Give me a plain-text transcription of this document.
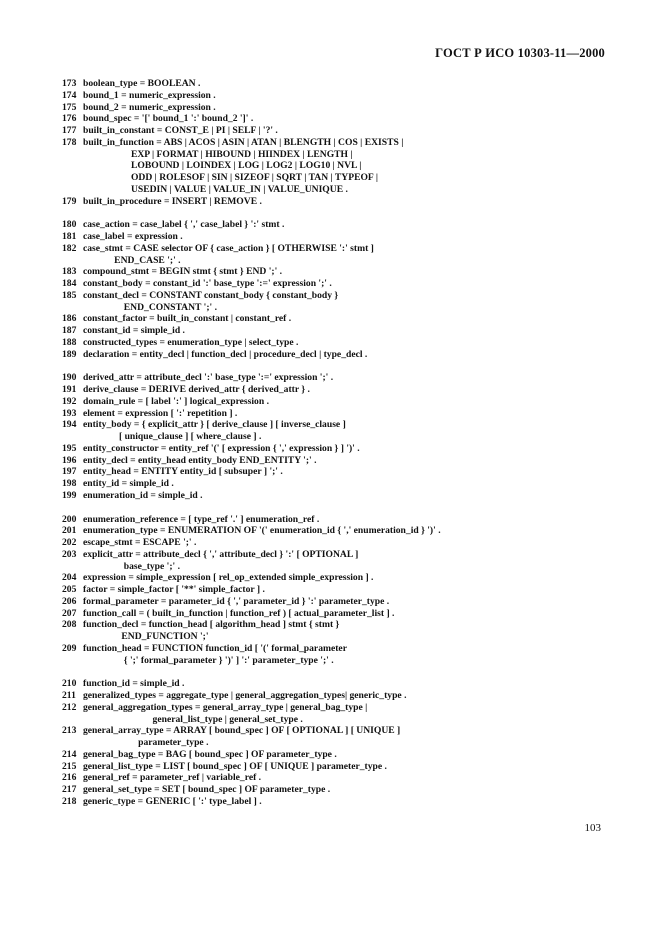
ГОСТ Р ИСО 10303-11—2000
173 boolean_type = BOOLEAN .
174 bound_1 = numeric_expression .
175 bound_2 = numeric_expression .
176 bound_spec = '[' bound_1 ':' bound_2 ']' .
177 built_in_constant = CONST_E | PI | SELF | '?' .
178 built_in_function = ABS | ACOS | ASIN | ATAN | BLENGTH | COS | EXISTS |
EXP | FORMAT | HIBOUND | HIINDEX | LENGTH |
LOBOUND | LOINDEX | LOG | LOG2 | LOG10 | NVL |
ODD | ROLESOF | SIN | SIZEOF | SQRT | TAN | TYPEOF |
USEDIN | VALUE | VALUE_IN | VALUE_UNIQUE .
179 built_in_procedure = INSERT | REMOVE .
180 case_action = case_label { ',' case_label } ':' stmt .
181 case_label = expression .
182 case_stmt = CASE selector OF { case_action } [ OTHERWISE ':' stmt ]
END_CASE ';' .
183 compound_stmt = BEGIN stmt { stmt } END ';' .
184 constant_body = constant_id ':' base_type ':=' expression ';' .
185 constant_decl = CONSTANT constant_body { constant_body }
END_CONSTANT ';' .
186 constant_factor = built_in_constant | constant_ref .
187 constant_id = simple_id .
188 constructed_types = enumeration_type | select_type .
189 declaration = entity_decl | function_decl | procedure_decl | type_decl .
190 derived_attr = attribute_decl ':' base_type ':=' expression ';' .
191 derive_clause = DERIVE derived_attr { derived_attr } .
192 domain_rule = [ label ':' ] logical_expression .
193 element = expression [ ':' repetition ] .
194 entity_body = { explicit_attr } [ derive_clause ] [ inverse_clause ]
[ unique_clause ] [ where_clause ] .
195 entity_constructor = entity_ref '(' [ expression { ',' expression } ] ')' .
196 entity_decl = entity_head entity_body END_ENTITY ';' .
197 entity_head = ENTITY entity_id [ subsuper ] ';' .
198 entity_id = simple_id .
199 enumeration_id = simple_id .
200 enumeration_reference = [ type_ref '.' ] enumeration_ref .
201 enumeration_type = ENUMERATION OF '(' enumeration_id { ',' enumeration_id } ')' .
202 escape_stmt = ESCAPE ';' .
203 explicit_attr = attribute_decl { ',' attribute_decl } ':' [ OPTIONAL ]
base_type ';' .
204 expression = simple_expression [ rel_op_extended simple_expression ] .
205 factor = simple_factor [ '**' simple_factor ] .
206 formal_parameter = parameter_id { ',' parameter_id } ':' parameter_type .
207 function_call = ( built_in_function | function_ref ) [ actual_parameter_list ] .
208 function_decl = function_head [ algorithm_head ] stmt { stmt }
END_FUNCTION ';'
209 function_head = FUNCTION function_id [ '(' formal_parameter
{ ';' formal_parameter } ')' ] ':' parameter_type ';' .
210 function_id = simple_id .
211 generalized_types = aggregate_type | general_aggregation_types| generic_type .
212 general_aggregation_types = general_array_type | general_bag_type |
general_list_type | general_set_type .
213 general_array_type = ARRAY [ bound_spec ] OF [ OPTIONAL ] [ UNIQUE ]
parameter_type .
214 general_bag_type = BAG [ bound_spec ] OF parameter_type .
215 general_list_type = LIST [ bound_spec ] OF [ UNIQUE ] parameter_type .
216 general_ref = parameter_ref | variable_ref .
217 general_set_type = SET [ bound_spec ] OF parameter_type .
218 generic_type = GENERIC [ ':' type_label ] .
103
